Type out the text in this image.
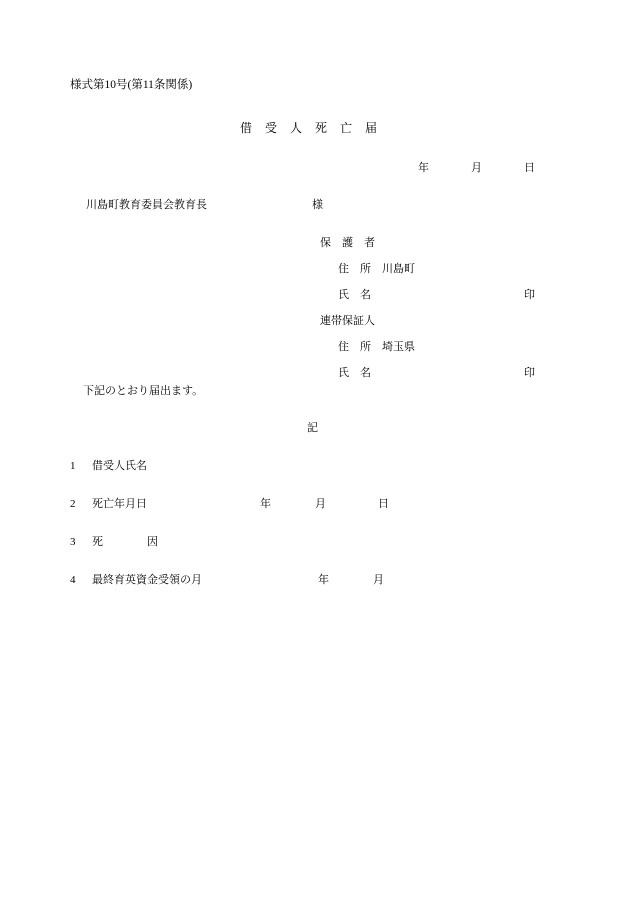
様式第10号(第11条関係)
借　受　人　死　亡　届
年	月	日
川島町教育委員会教育長	様
保　護　者
住　所　 川島町
氏　名	印
連帯保証人
住　所　 埼玉県
氏　名	印
下記のとおり届出ます。
記
1 借受人氏名
2 死亡年月日	年	月	日
3 死　　　　因
4 最終育英資金受領の月	年	月
